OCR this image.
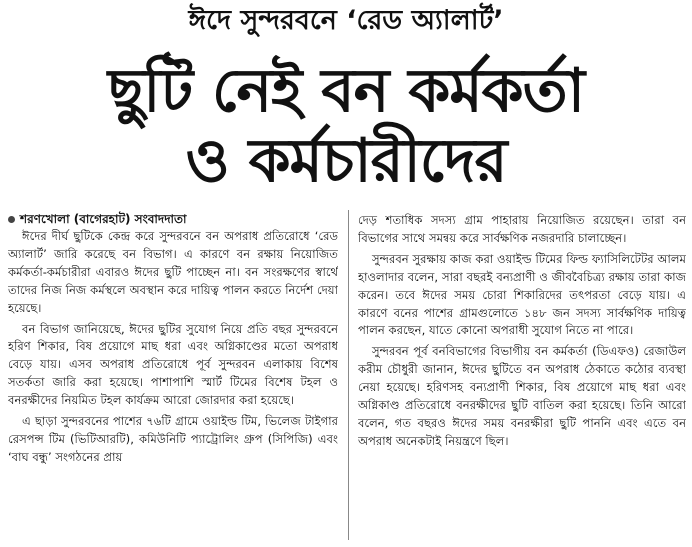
ঈদে সুন্দরবনে ‘রেড অ্যালার্ট’
ছুটি নেই বন কর্মকর্তা
ও কর্মচারীদের
শরণখোলা (বাগেরহাট) সংবাদদাতা

ঈদের দীর্ঘ ছুটিকে কেন্দ্র করে সুন্দরবনে বন অপরাধ প্রতিরোধে ‘রেড অ্যালার্ট’ জারি করেছে বন বিভাগ। এ কারণে বন রক্ষায় নিয়োজিত কর্মকর্তা-কর্মচারীরা এবারও ঈদের ছুটি পাচ্ছেন না। বন সংরক্ষণের স্বার্থে তাদের নিজ নিজ কর্মস্থলে অবস্থান করে দায়িত্ব পালন করতে নির্দেশ দেয়া হয়েছে।

বন বিভাগ জানিয়েছে, ঈদের ছুটির সুযোগ নিয়ে প্রতি বছর সুন্দরবনে হরিণ শিকার, বিষ প্রয়োগে মাছ ধরা এবং অগ্নিকাণ্ডের মতো অপরাধ বেড়ে যায়। এসব অপরাধ প্রতিরোধে পূর্ব সুন্দরবন এলাকায় বিশেষ সতর্কতা জারি করা হয়েছে। পাশাপাশি স্মার্ট টিমের বিশেষ টহল ও বনরক্ষীদের নিয়মিত টহল কার্যক্রম আরো জোরদার করা হয়েছে।

এ ছাড়া সুন্দরবনের পাশের ৭৬টি গ্রামে ওয়াইল্ড টিম, ভিলেজ টাইগার রেসপন্স টিম (ভিটিআরটি), কমিউনিটি প্যাট্রোলিং গ্রুপ (সিপিজি) এবং ‘বাঘ বন্ধু’ সংগঠনের প্রায়

দেড় শতাধিক সদস্য গ্রাম পাহারায় নিয়োজিত রয়েছেন। তারা বন বিভাগের সাথে সমন্বয় করে সার্বক্ষণিক নজরদারি চালাচ্ছেন।

সুন্দরবন সুরক্ষায় কাজ করা ওয়াইল্ড টিমের ফিল্ড ফ্যাসিলিটেটর আলম হাওলাদার বলেন, সারা বছরই বন্যপ্রাণী ও জীববৈচিত্র্য রক্ষায় তারা কাজ করেন। তবে ঈদের সময় চোরা শিকারিদের তৎপরতা বেড়ে যায়। এ কারণে বনের পাশের গ্রামগুলোতে ১৪৮ জন সদস্য সার্বক্ষণিক দায়িত্ব পালন করছেন, যাতে কোনো অপরাধী সুযোগ নিতে না পারে।

সুন্দরবন পূর্ব বনবিভাগের বিভাগীয় বন কর্মকর্তা (ডিএফও) রেজাউল করীম চৌধুরী জানান, ঈদের ছুটিতে বন অপরাধ ঠেকাতে কঠোর ব্যবস্থা নেয়া হয়েছে। হরিণসহ বন্যপ্রাণী শিকার, বিষ প্রয়োগে মাছ ধরা এবং অগ্নিকাণ্ড প্রতিরোধে বনরক্ষীদের ছুটি বাতিল করা হয়েছে। তিনি আরো বলেন, গত বছরও ঈদের সময় বনরক্ষীরা ছুটি পাননি এবং এতে বন অপরাধ অনেকটাই নিয়ন্ত্রণে ছিল।
